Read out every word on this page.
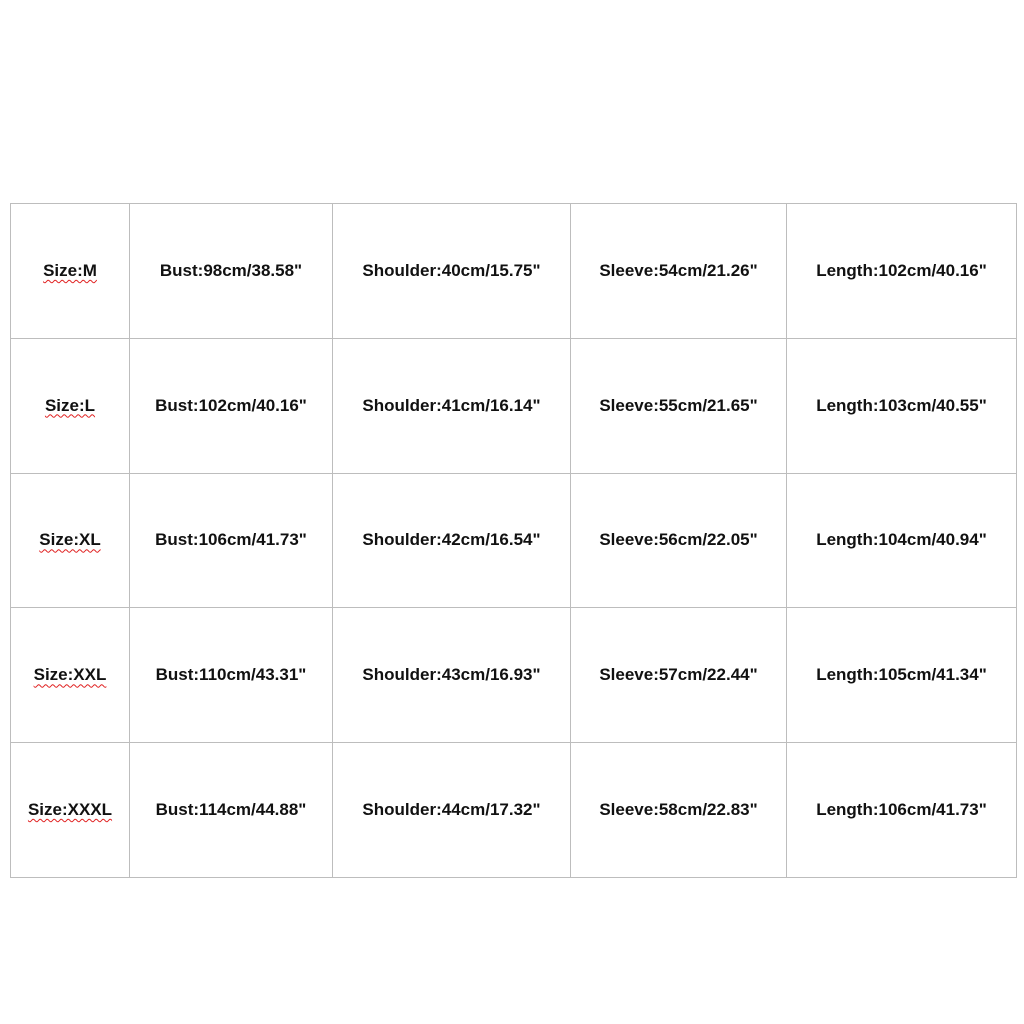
Size:M	Bust:98cm/38.58"	Shoulder:40cm/15.75"	Sleeve:54cm/21.26"	Length:102cm/40.16"
Size:L	Bust:102cm/40.16"	Shoulder:41cm/16.14"	Sleeve:55cm/21.65"	Length:103cm/40.55"
Size:XL	Bust:106cm/41.73"	Shoulder:42cm/16.54"	Sleeve:56cm/22.05"	Length:104cm/40.94"
Size:XXL	Bust:110cm/43.31"	Shoulder:43cm/16.93"	Sleeve:57cm/22.44"	Length:105cm/41.34"
Size:XXXL	Bust:114cm/44.88"	Shoulder:44cm/17.32"	Sleeve:58cm/22.83"	Length:106cm/41.73"
